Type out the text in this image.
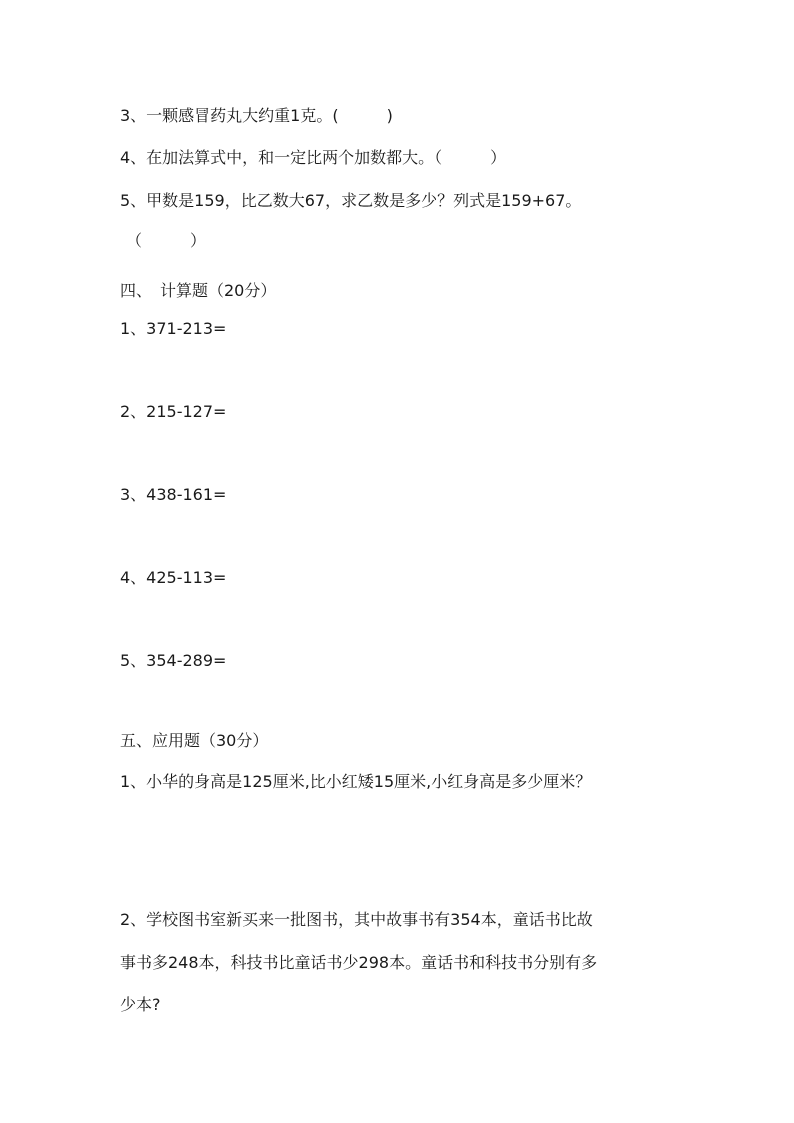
3、一颗感冒药丸大约重1克。(　　　)
4、在加法算式中，和一定比两个加数都大。（　　　）
5、甲数是159，比乙数大67，求乙数是多少？列式是159+67。
（　　　）
四、　计算题（20分）
1、371-213=
2、215-127=
3、438-161=
4、425-113=
5、354-289=
五、应用题（30分）
1、小华的身高是125厘米,比小红矮15厘米,小红身高是多少厘米？
2、学校图书室新买来一批图书，其中故事书有354本，童话书比故
事书多248本，科技书比童话书少298本。童话书和科技书分别有多
少本?
